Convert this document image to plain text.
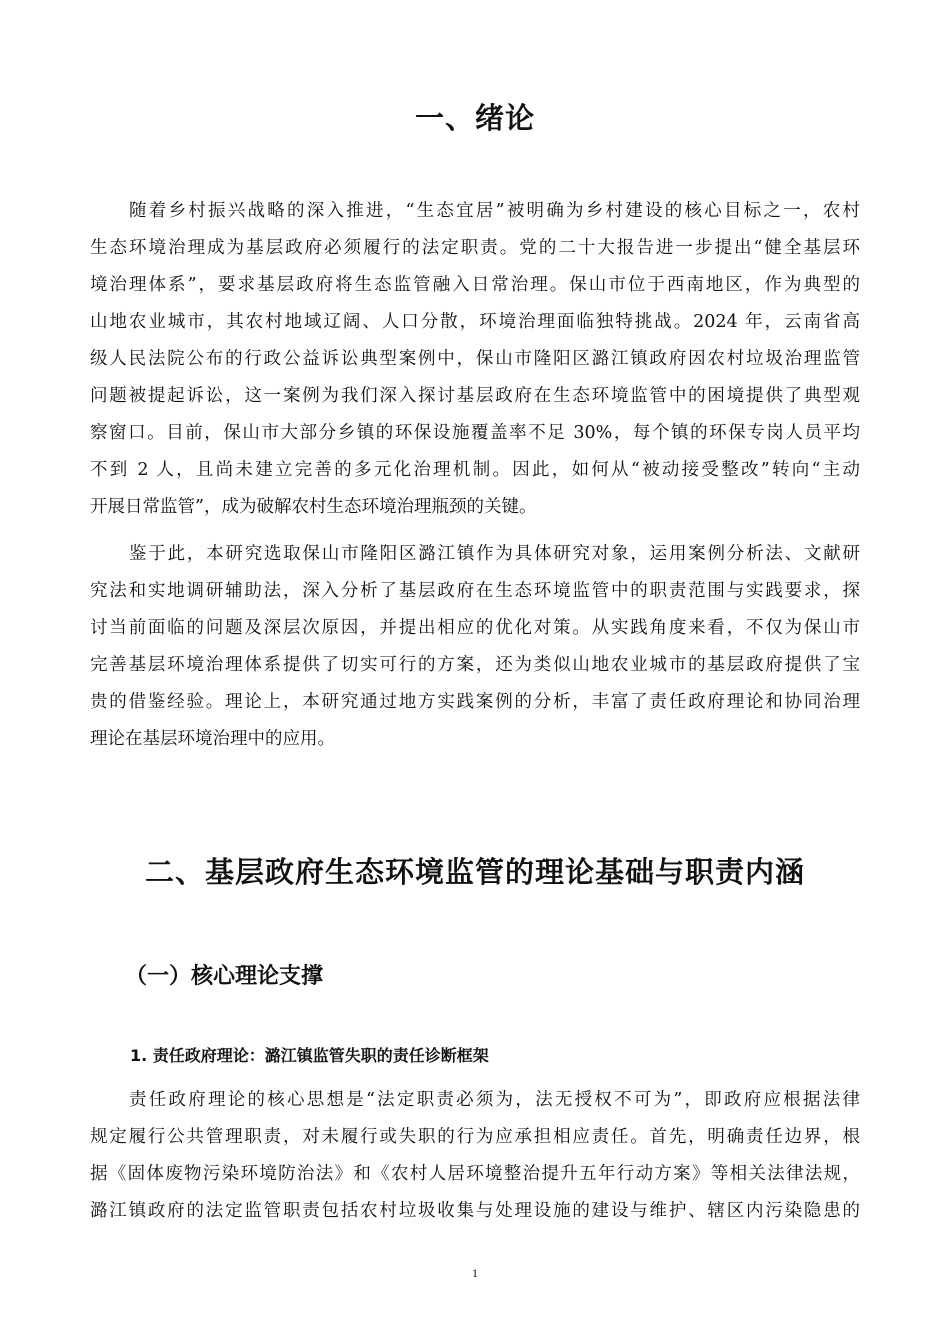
一、绪论
随着乡村振兴战略的深入推进，“生态宜居”被明确为乡村建设的核心目标之一，农村
生态环境治理成为基层政府必须履行的法定职责。党的二十大报告进一步提出“健全基层环
境治理体系”，要求基层政府将生态监管融入日常治理。保山市位于西南地区，作为典型的
山地农业城市，其农村地域辽阔、人口分散，环境治理面临独特挑战。2024 年，云南省高
级人民法院公布的行政公益诉讼典型案例中，保山市隆阳区潞江镇政府因农村垃圾治理监管
问题被提起诉讼，这一案例为我们深入探讨基层政府在生态环境监管中的困境提供了典型观
察窗口。目前，保山市大部分乡镇的环保设施覆盖率不足 30%，每个镇的环保专岗人员平均
不到 2 人，且尚未建立完善的多元化治理机制。因此，如何从“被动接受整改”转向“主动
开展日常监管”，成为破解农村生态环境治理瓶颈的关键。
鉴于此，本研究选取保山市隆阳区潞江镇作为具体研究对象，运用案例分析法、文献研
究法和实地调研辅助法，深入分析了基层政府在生态环境监管中的职责范围与实践要求，探
讨当前面临的问题及深层次原因，并提出相应的优化对策。从实践角度来看，不仅为保山市
完善基层环境治理体系提供了切实可行的方案，还为类似山地农业城市的基层政府提供了宝
贵的借鉴经验。理论上，本研究通过地方实践案例的分析，丰富了责任政府理论和协同治理
理论在基层环境治理中的应用。
二、基层政府生态环境监管的理论基础与职责内涵
（一）核心理论支撑
1. 责任政府理论：潞江镇监管失职的责任诊断框架
责任政府理论的核心思想是“法定职责必须为，法无授权不可为”，即政府应根据法律
规定履行公共管理职责，对未履行或失职的行为应承担相应责任。首先，明确责任边界，根
据《固体废物污染环境防治法》和《农村人居环境整治提升五年行动方案》等相关法律法规，
潞江镇政府的法定监管职责包括农村垃圾收集与处理设施的建设与维护、辖区内污染隐患的
1
